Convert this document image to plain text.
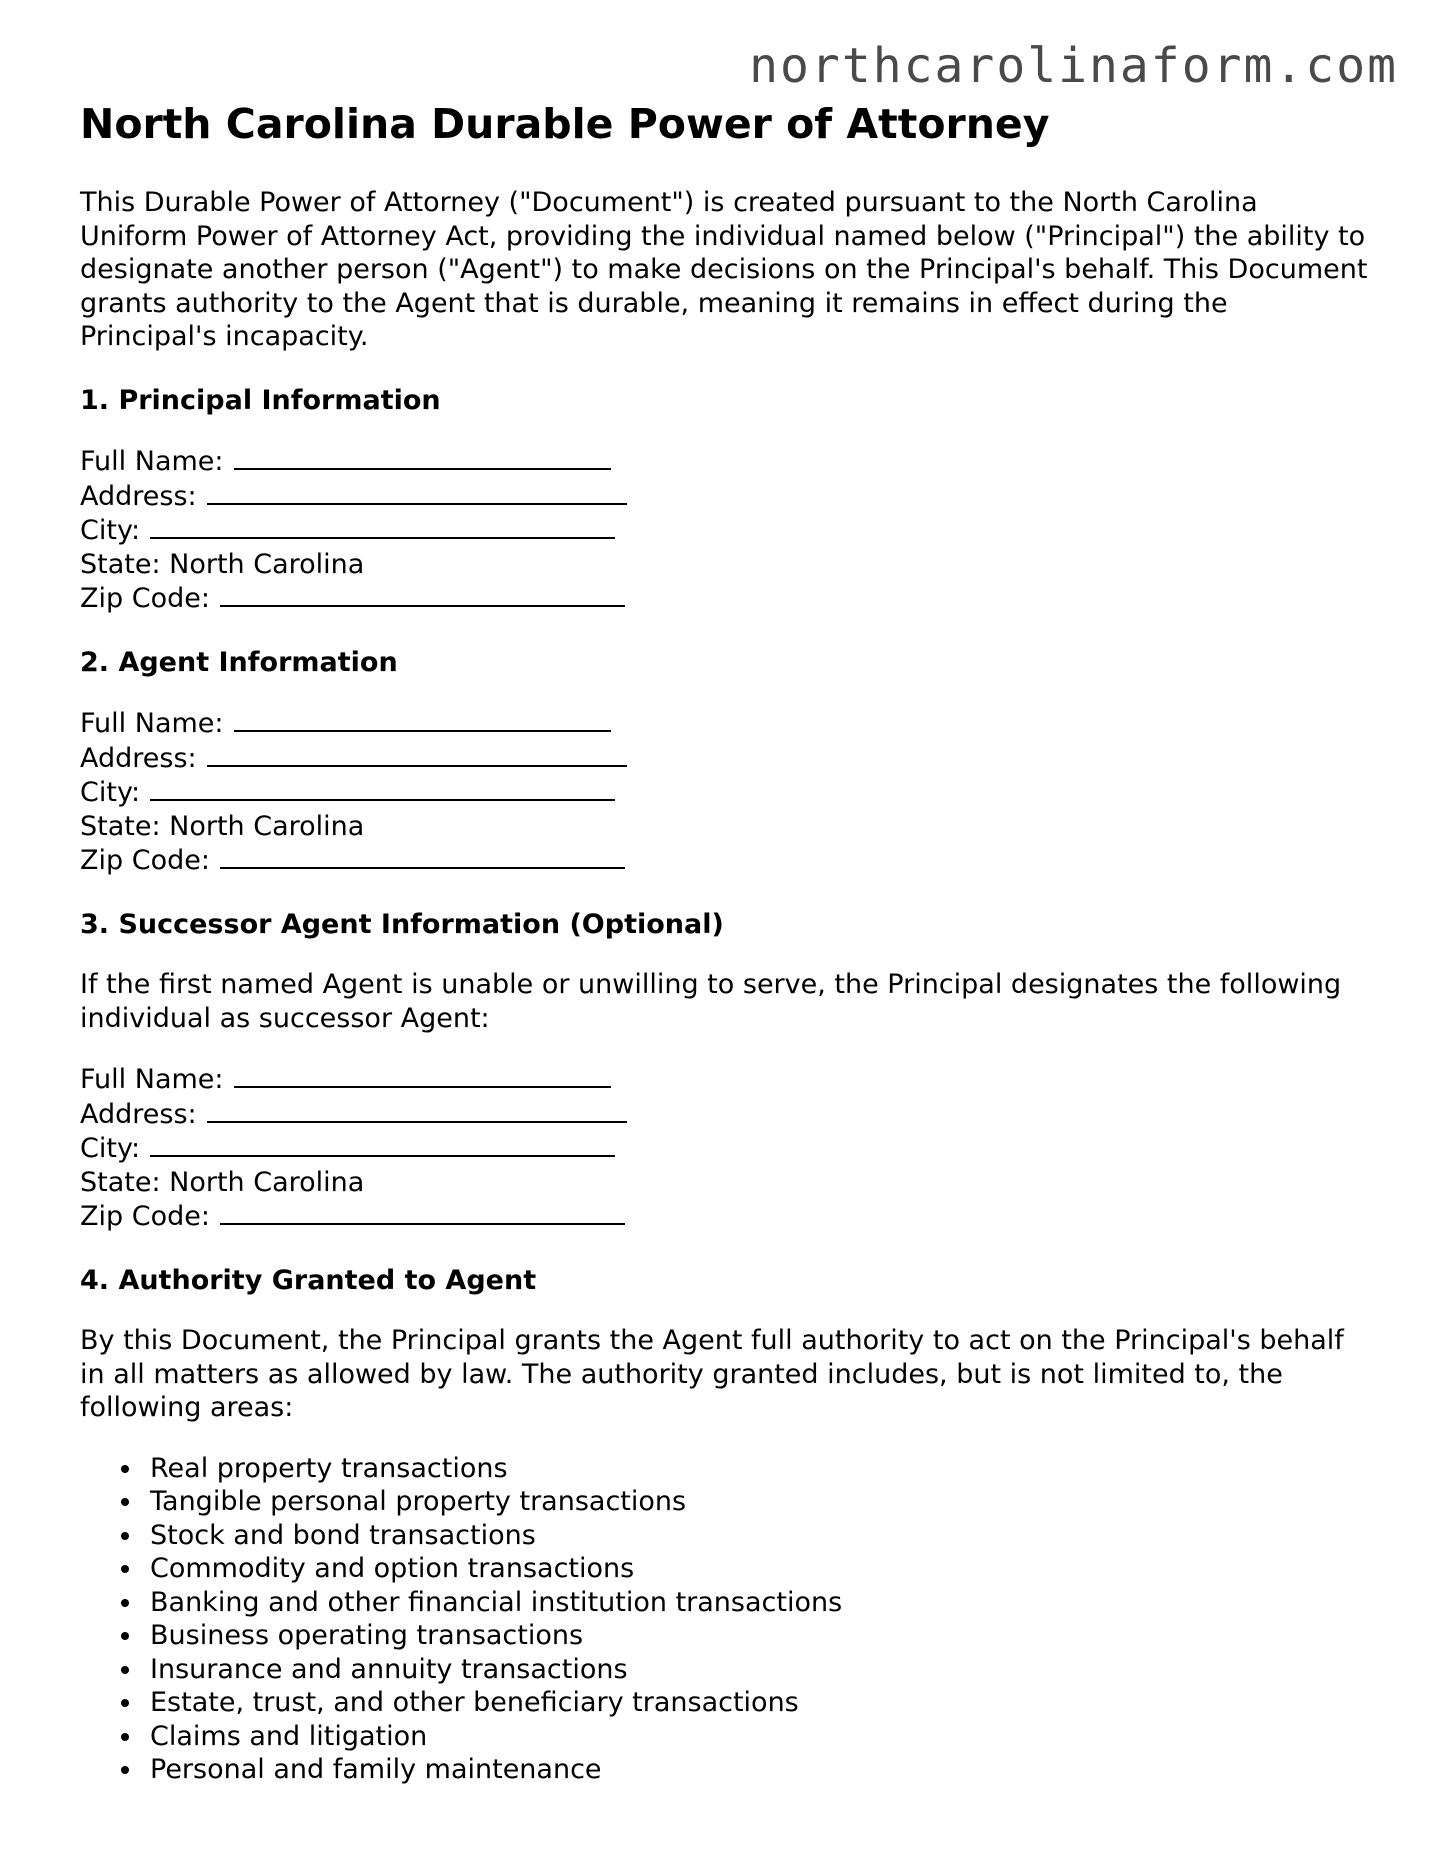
northcarolinaform.com
North Carolina Durable Power of Attorney

This Durable Power of Attorney ("Document") is created pursuant to the North Carolina Uniform Power of Attorney Act, providing the individual named below ("Principal") the ability to designate another person ("Agent") to make decisions on the Principal's behalf. This Document grants authority to the Agent that is durable, meaning it remains in effect during the Principal's incapacity.

1. Principal Information
Full Name:
Address:
City:
State: North Carolina
Zip Code:
2. Agent Information
Full Name:
Address:
City:
State: North Carolina
Zip Code:
3. Successor Agent Information (Optional)

If the first named Agent is unable or unwilling to serve, the Principal designates the following individual as successor Agent:

Full Name:
Address:
City:
State: North Carolina
Zip Code:
4. Authority Granted to Agent

By this Document, the Principal grants the Agent full authority to act on the Principal's behalf in all matters as allowed by law. The authority granted includes, but is not limited to, the following areas:

Real property transactions
Tangible personal property transactions
Stock and bond transactions
Commodity and option transactions
Banking and other financial institution transactions
Business operating transactions
Insurance and annuity transactions
Estate, trust, and other beneficiary transactions
Claims and litigation
Personal and family maintenance
